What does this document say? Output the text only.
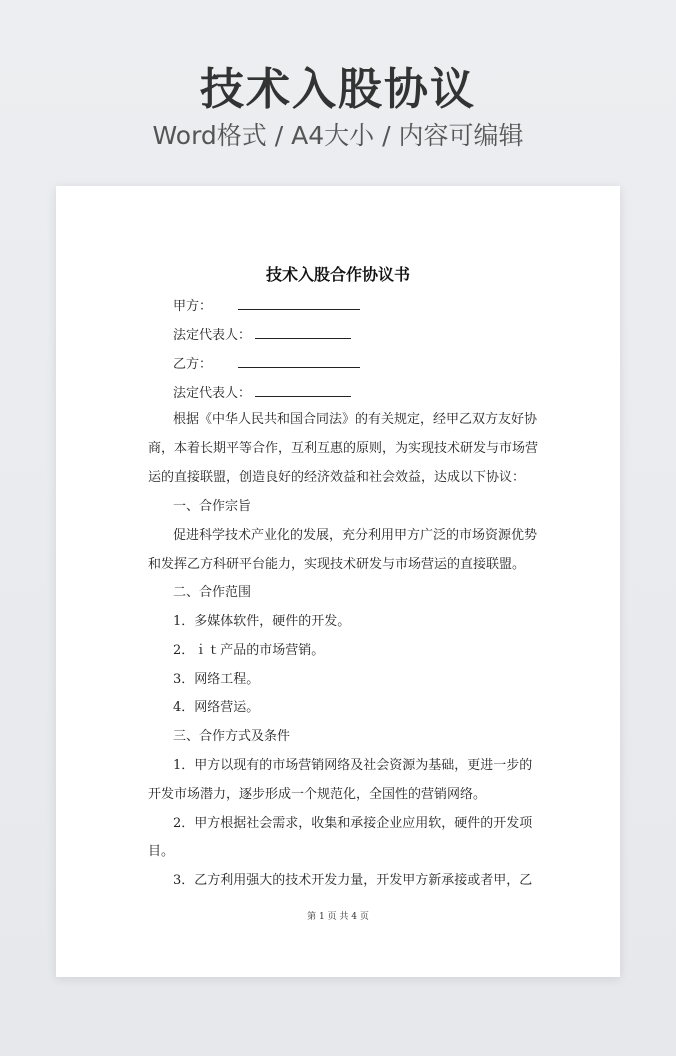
技术入股协议
Word格式 / A4大小 / 内容可编辑
技术入股合作协议书
甲方：
法定代表人：
乙方：
法定代表人：
根据《中华人民共和国合同法》的有关规定，经甲乙双方友好协
商，本着长期平等合作，互利互惠的原则，为实现技术研发与市场营
运的直接联盟，创造良好的经济效益和社会效益，达成以下协议：
一、合作宗旨
促进科学技术产业化的发展，充分利用甲方广泛的市场资源优势
和发挥乙方科研平台能力，实现技术研发与市场营运的直接联盟。
二、合作范围
1．多媒体软件，硬件的开发。
2．ｉｔ产品的市场营销。
3．网络工程。
4．网络营运。
三、合作方式及条件
1．甲方以现有的市场营销网络及社会资源为基础，更进一步的
开发市场潜力，逐步形成一个规范化，全国性的营销网络。
2．甲方根据社会需求，收集和承接企业应用软，硬件的开发项
目。
3．乙方利用强大的技术开发力量，开发甲方新承接或者甲，乙
第 1 页 共 4 页
